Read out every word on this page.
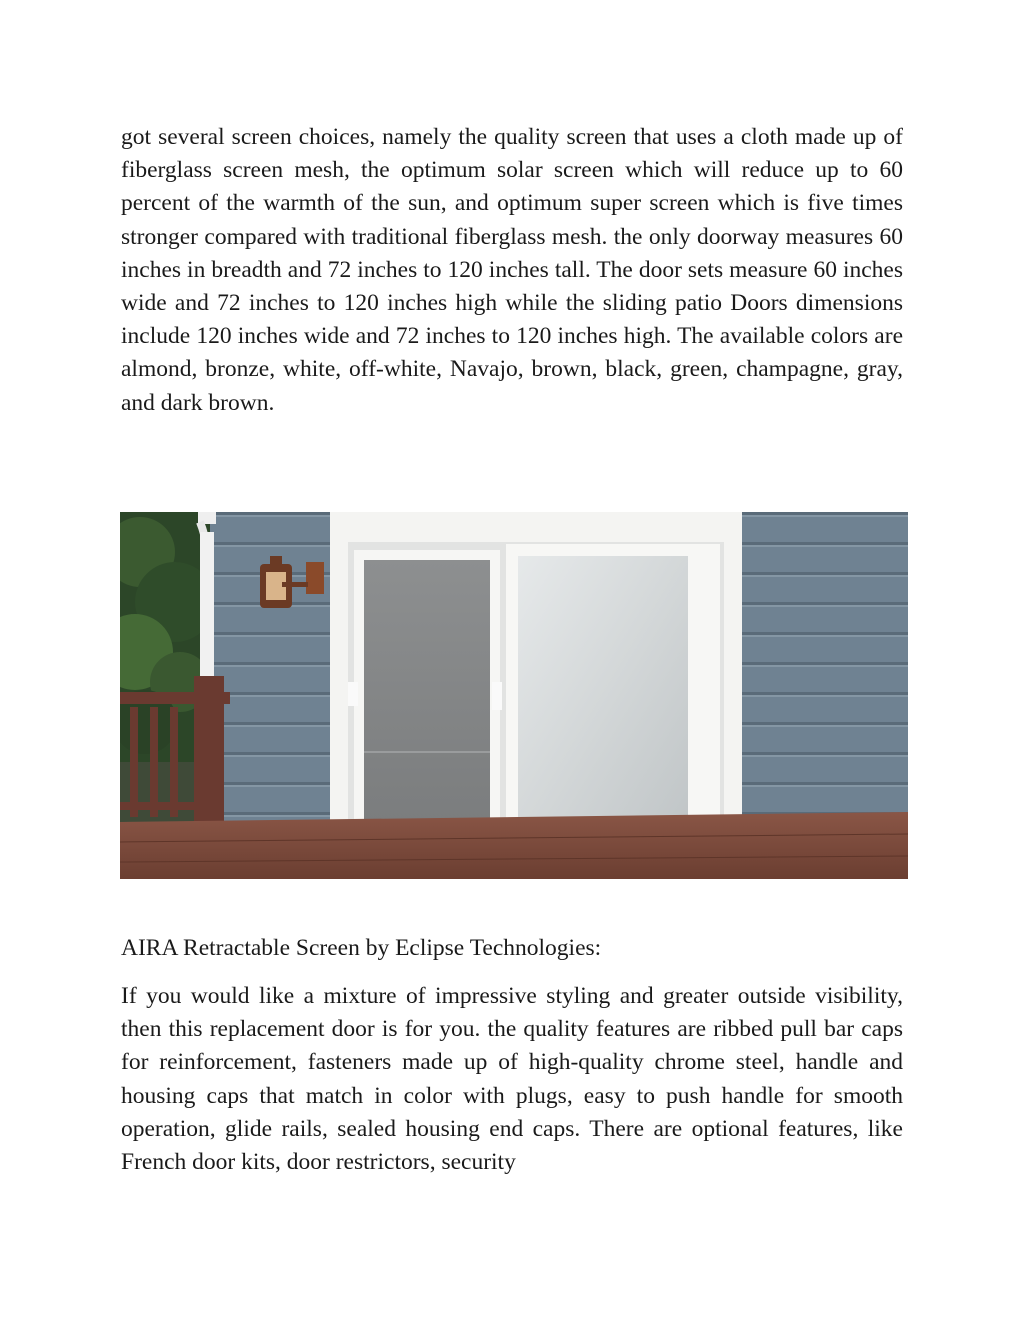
got several screen choices, namely the quality screen that uses a cloth made up of fiberglass screen mesh, the optimum solar screen which will reduce up to 60 percent of the warmth of the sun, and optimum super screen which is five times stronger compared with traditional fiberglass mesh. the only doorway measures 60 inches in breadth and 72 inches to 120 inches tall. The door sets measure 60 inches wide and 72 inches to 120 inches high while the sliding patio Doors dimensions include 120 inches wide and 72 inches to 120 inches high. The available colors are almond, bronze, white, off-white, Navajo, brown, black, green, champagne, gray, and dark brown.

AIRA Retractable Screen by Eclipse Technologies:

If you would like a mixture of impressive styling and greater outside visibility, then this replacement door is for you. the quality features are ribbed pull bar caps for reinforcement, fasteners made up of high-quality chrome steel, handle and housing caps that match in color with plugs, easy to push handle for smooth operation, glide rails, sealed housing end caps. There are optional features, like French door kits, door restrictors, security
